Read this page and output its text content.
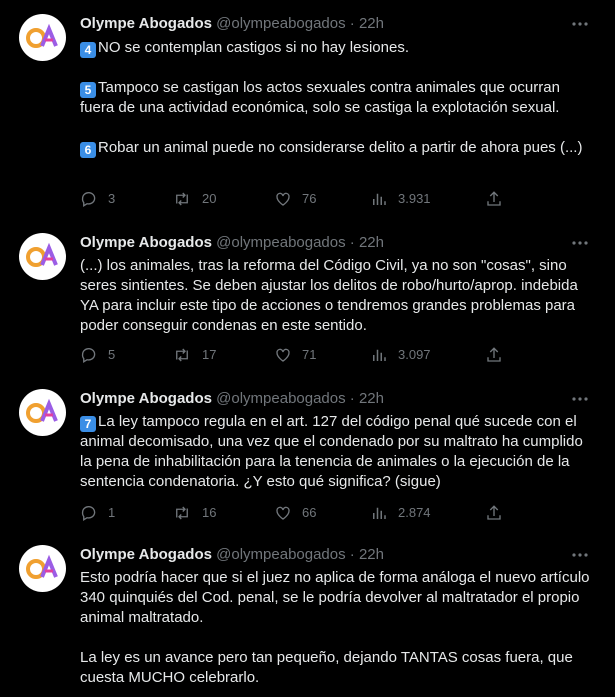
Olympe Abogados @olympeabogados · 22h

4 NO se contemplan castigos si no hay lesiones.

5 Tampoco se castigan los actos sexuales contra animales que ocurran fuera de una actividad económica, solo se castiga la explotación sexual.

6 Robar un animal puede no considerarse delito a partir de ahora pues (...)

3	20	76	3.931
Olympe Abogados @olympeabogados · 22h

(...) los animales, tras la reforma del Código Civil, ya no son "cosas", sino seres sintientes. Se deben ajustar los delitos de robo/hurto/aprop. indebida YA para incluir este tipo de acciones o tendremos grandes problemas para poder conseguir condenas en este sentido.

5	17	71	3.097
Olympe Abogados @olympeabogados · 22h

7 La ley tampoco regula en el art. 127 del código penal qué sucede con el animal decomisado, una vez que el condenado por su maltrato ha cumplido la pena de inhabilitación para la tenencia de animales o la ejecución de la sentencia condenatoria. ¿Y esto qué significa? (sigue)

1	16	66	2.874
Olympe Abogados @olympeabogados · 22h

Esto podría hacer que si el juez no aplica de forma análoga el nuevo artículo 340 quinquiés del Cod. penal, se le podría devolver al maltratador el propio animal maltratado.

La ley es un avance pero tan pequeño, dejando TANTAS cosas fuera, que cuesta MUCHO celebrarlo.
